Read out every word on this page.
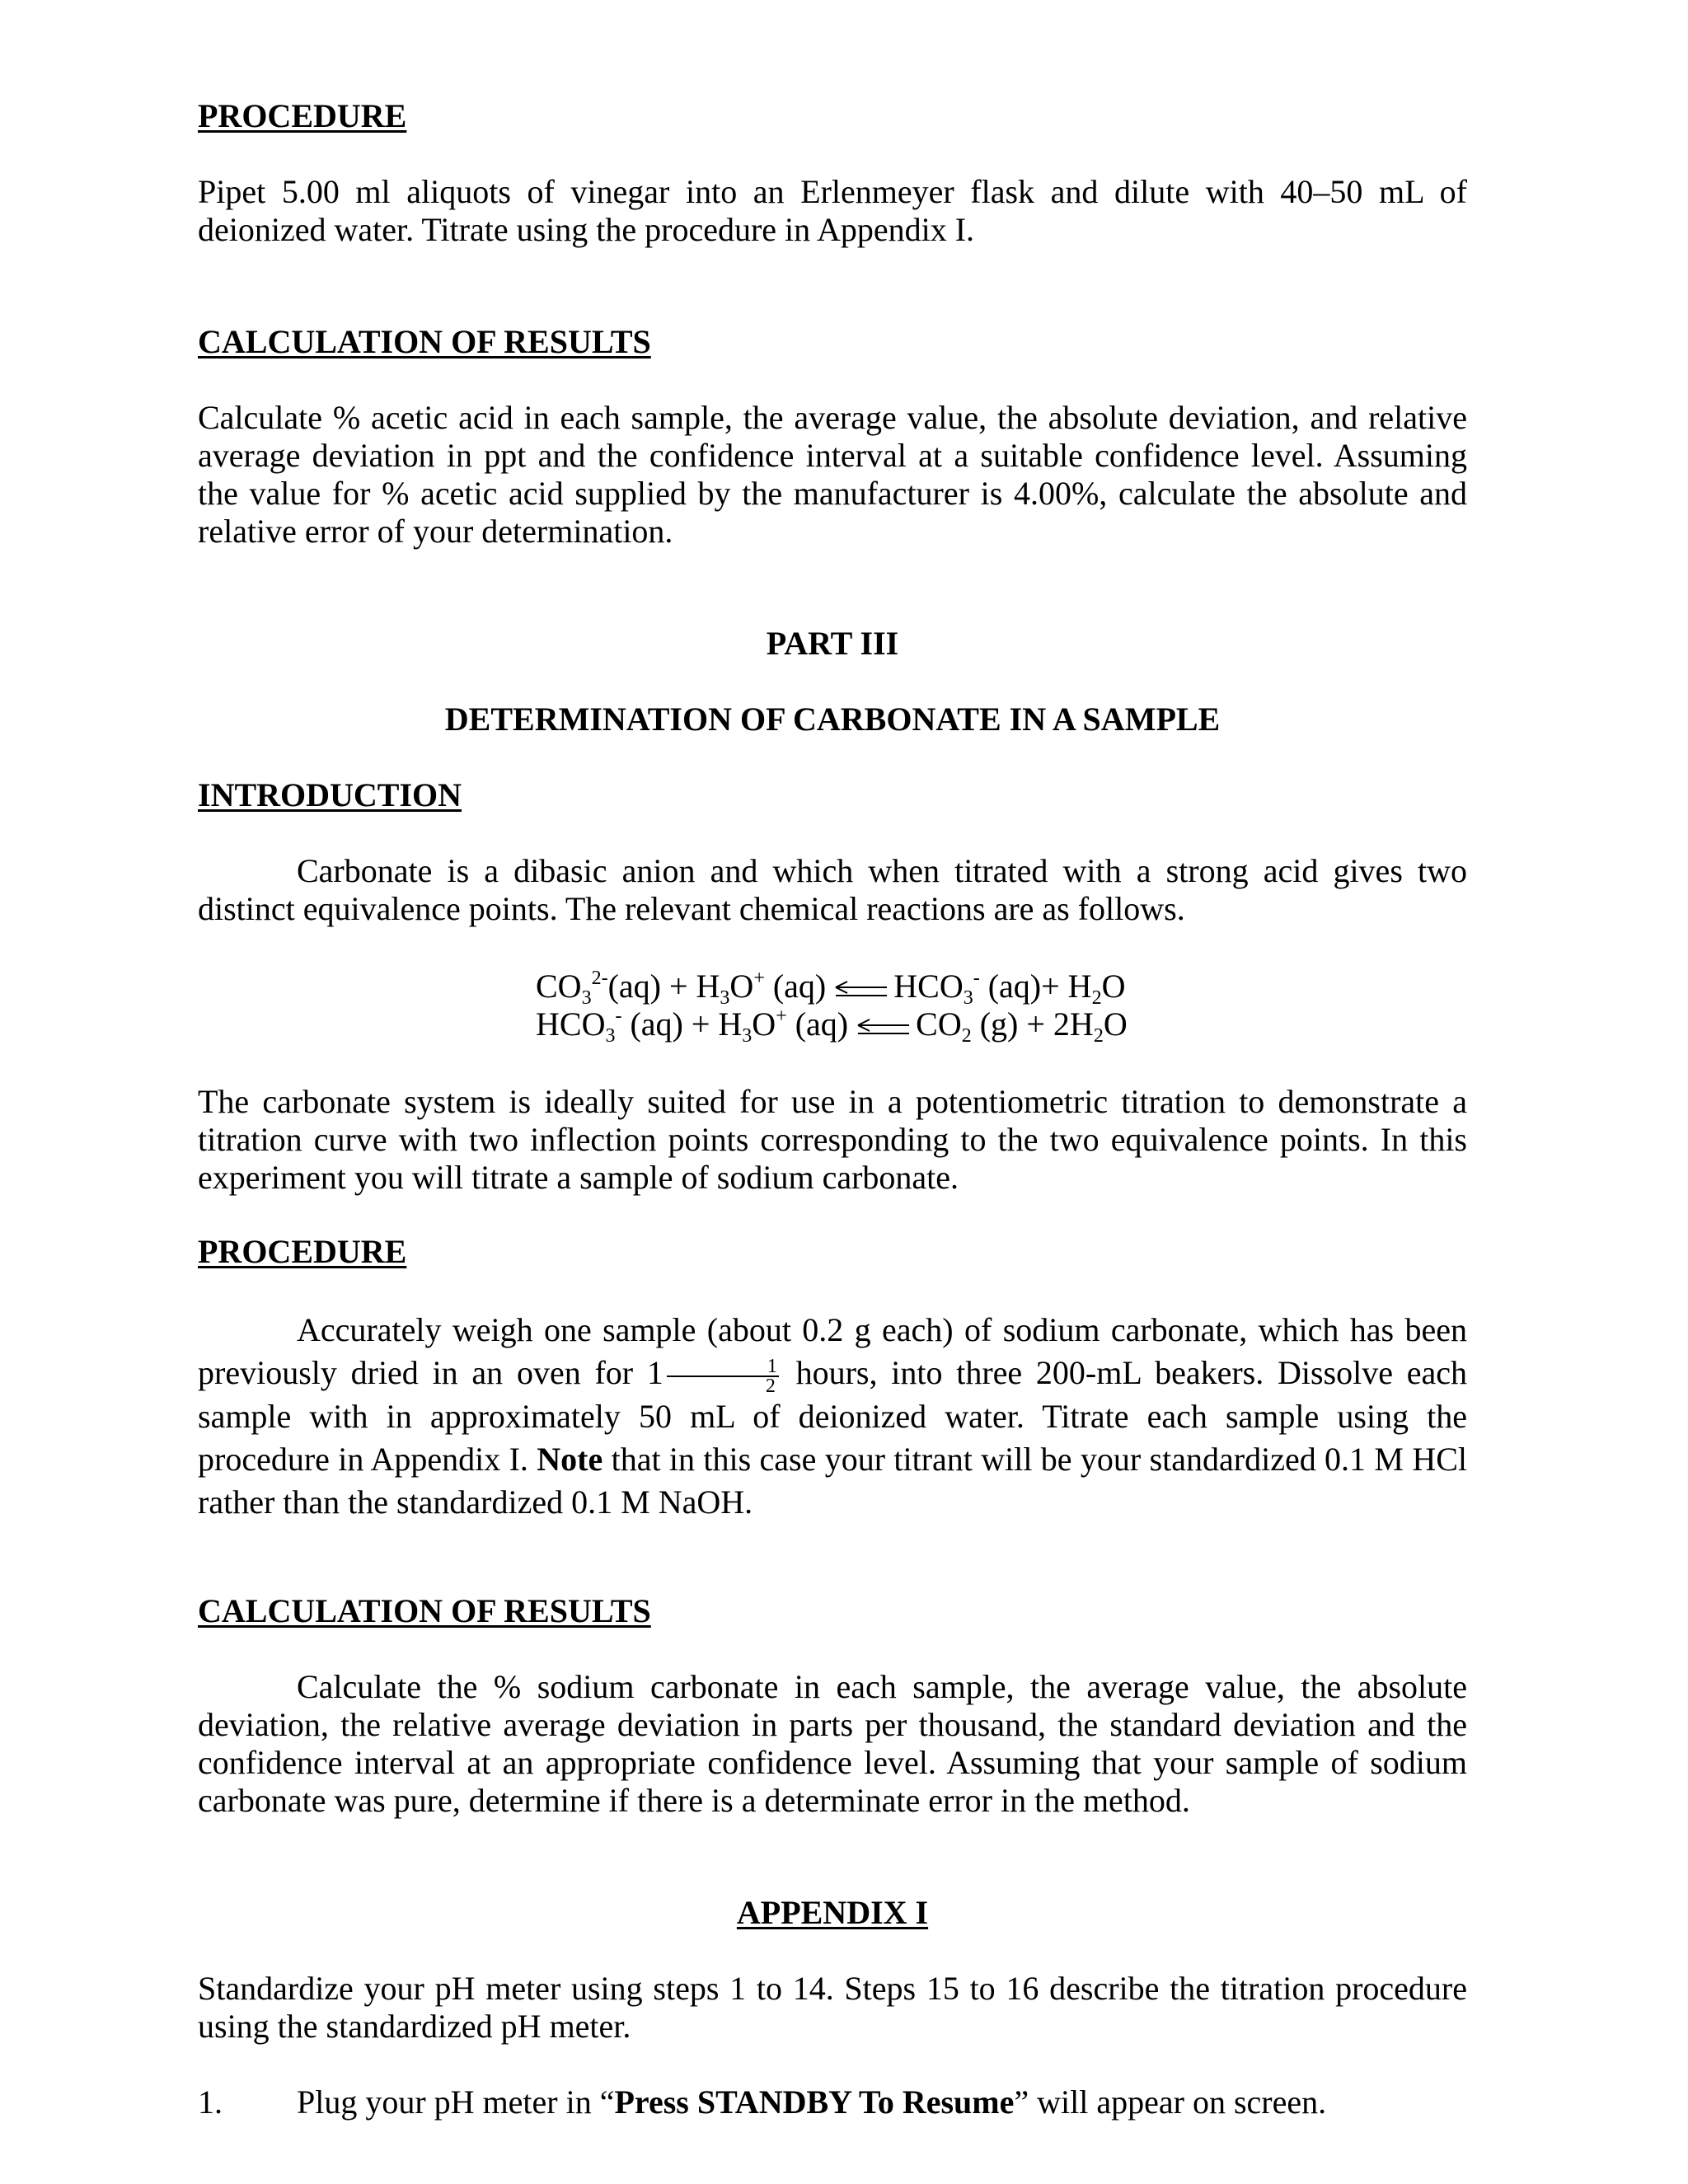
PROCEDURE
Pipet 5.00 ml aliquots of vinegar into an Erlenmeyer flask and dilute with 40–50 mL of deionized water. Titrate using the procedure in Appendix I.
CALCULATION OF RESULTS
Calculate % acetic acid in each sample, the average value, the absolute deviation, and relative average deviation in ppt and the confidence interval at a suitable confidence level. Assuming the value for % acetic acid supplied by the manufacturer is 4.00%, calculate the absolute and relative error of your determination.
PART III
DETERMINATION OF CARBONATE IN A SAMPLE
INTRODUCTION
Carbonate is a dibasic anion and which when titrated with a strong acid gives two distinct equivalence points. The relevant chemical reactions are as follows.
$CO_3^{2-}(aq) + H_3O^+$ (aq) $HCO_3^-$ $(aq)+ H_2O$
$HCO_3^-$ $(aq) + H_3O^+$ (aq) $CO_2$ $(g) + 2H_2O$
The carbonate system is ideally suited for use in a potentiometric titration to demonstrate a titration curve with two inflection points corresponding to the two equivalence points. In this experiment you will titrate a sample of sodium carbonate.
PROCEDURE
Accurately weigh one sample (about 0.2 g each) of sodium carbonate, which has been previously dried in an oven for $1 \frac{1}{2}$ hours, into three 200-mL beakers. Dissolve each sample with in approximately 50 mL of deionized water. Titrate each sample using the procedure in Appendix I. Note that in this case your titrant will be your standardized 0.1 M HCl rather than the standardized 0.1 M NaOH.
CALCULATION OF RESULTS
Calculate the % sodium carbonate in each sample, the average value, the absolute deviation, the relative average deviation in parts per thousand, the standard deviation and the confidence interval at an appropriate confidence level. Assuming that your sample of sodium carbonate was pure, determine if there is a determinate error in the method.
APPENDIX I
Standardize your pH meter using steps 1 to 14. Steps 15 to 16 describe the titration procedure using the standardized pH meter.
1. Plug your pH meter in “Press STANDBY To Resume” will appear on screen.
